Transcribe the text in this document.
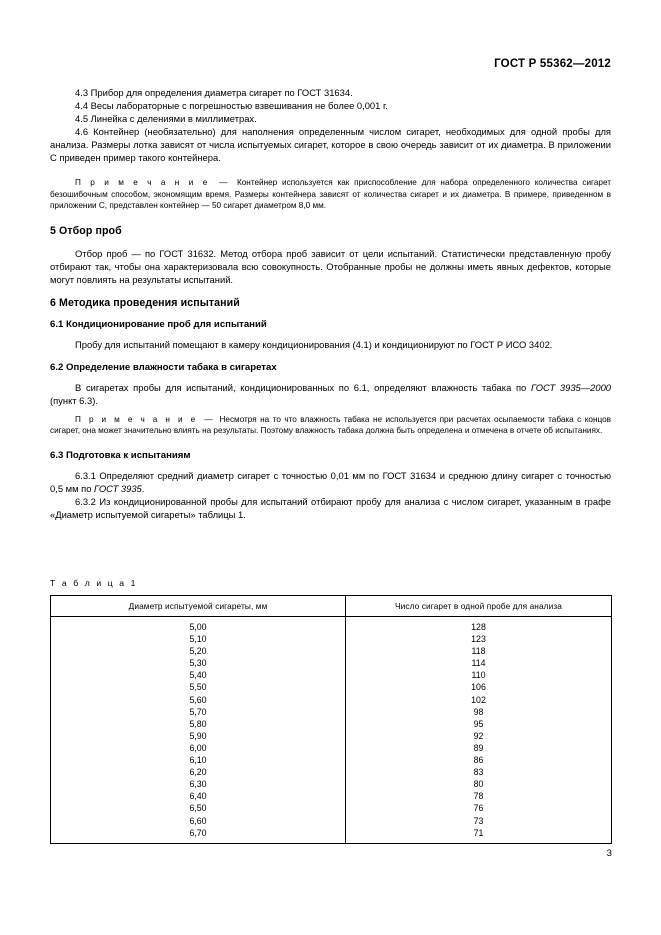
ГОСТ Р 55362—2012

4.3 Прибор для определения диаметра сигарет по ГОСТ 31634.

4.4 Весы лабораторные с погрешностью взвешивания не более 0,001 г.

4.5 Линейка с делениями в миллиметрах.

4.6 Контейнер (необязательно) для наполнения определенным числом сигарет, необходимых для одной пробы для анализа. Размеры лотка зависят от числа испытуемых сигарет, которое в свою очередь зависит от их диаметра. В приложении С приведен пример такого контейнера.

П р и м е ч а н и е — Контейнер используется как приспособление для набора определенного количества сигарет безошибочным способом, экономящим время. Размеры контейнера зависят от количества сигарет и их диаметра. В примере, приведенном в приложении С, представлен контейнер — 50 сигарет диаметром 8,0 мм.

5 Отбор проб

Отбор проб — по ГОСТ 31632. Метод отбора проб зависит от цели испытаний. Статистически представленную пробу отбирают так, чтобы она характеризовала всю совокупность. Отобранные пробы не должны иметь явных дефектов, которые могут повлиять на результаты испытаний.

6 Методика проведения испытаний
6.1 Кондиционирование проб для испытаний

Пробу для испытаний помещают в камеру кондиционирования (4.1) и кондиционируют по ГОСТ Р ИСО 3402.

6.2 Определение влажности табака в сигаретах

В сигаретах пробы для испытаний, кондиционированных по 6.1, определяют влажность табака по ГОСТ 3935—2000 (пункт 6.3).

П р и м е ч а н и е — Несмотря на то что влажность табака не используется при расчетах осыпаемости табака с концов сигарет, она может значительно влиять на результаты. Поэтому влажность табака должна быть определена и отмечена в отчете об испытаниях.

6.3 Подготовка к испытаниям

6.3.1 Определяют средний диаметр сигарет с точностью 0,01 мм по ГОСТ 31634 и среднюю длину сигарет с точностью 0,5 мм по ГОСТ 3935.

6.3.2 Из кондиционированной пробы для испытаний отбирают пробу для анализа с числом сигарет, указанным в графе «Диаметр испытуемой сигареты» таблицы 1.

Т а б л и ц а 1
Диаметр испытуемой сигареты, мм	Число сигарет в одной пробе для анализа
5,00	128
5,10	123
5,20	118
5,30	114
5,40	110
5,50	106
5,60	102
5,70	98
5,80	95
5,90	92
6,00	89
6,10	86
6,20	83
6,30	80
6,40	78
6,50	76
6,60	73
6,70	71
3
